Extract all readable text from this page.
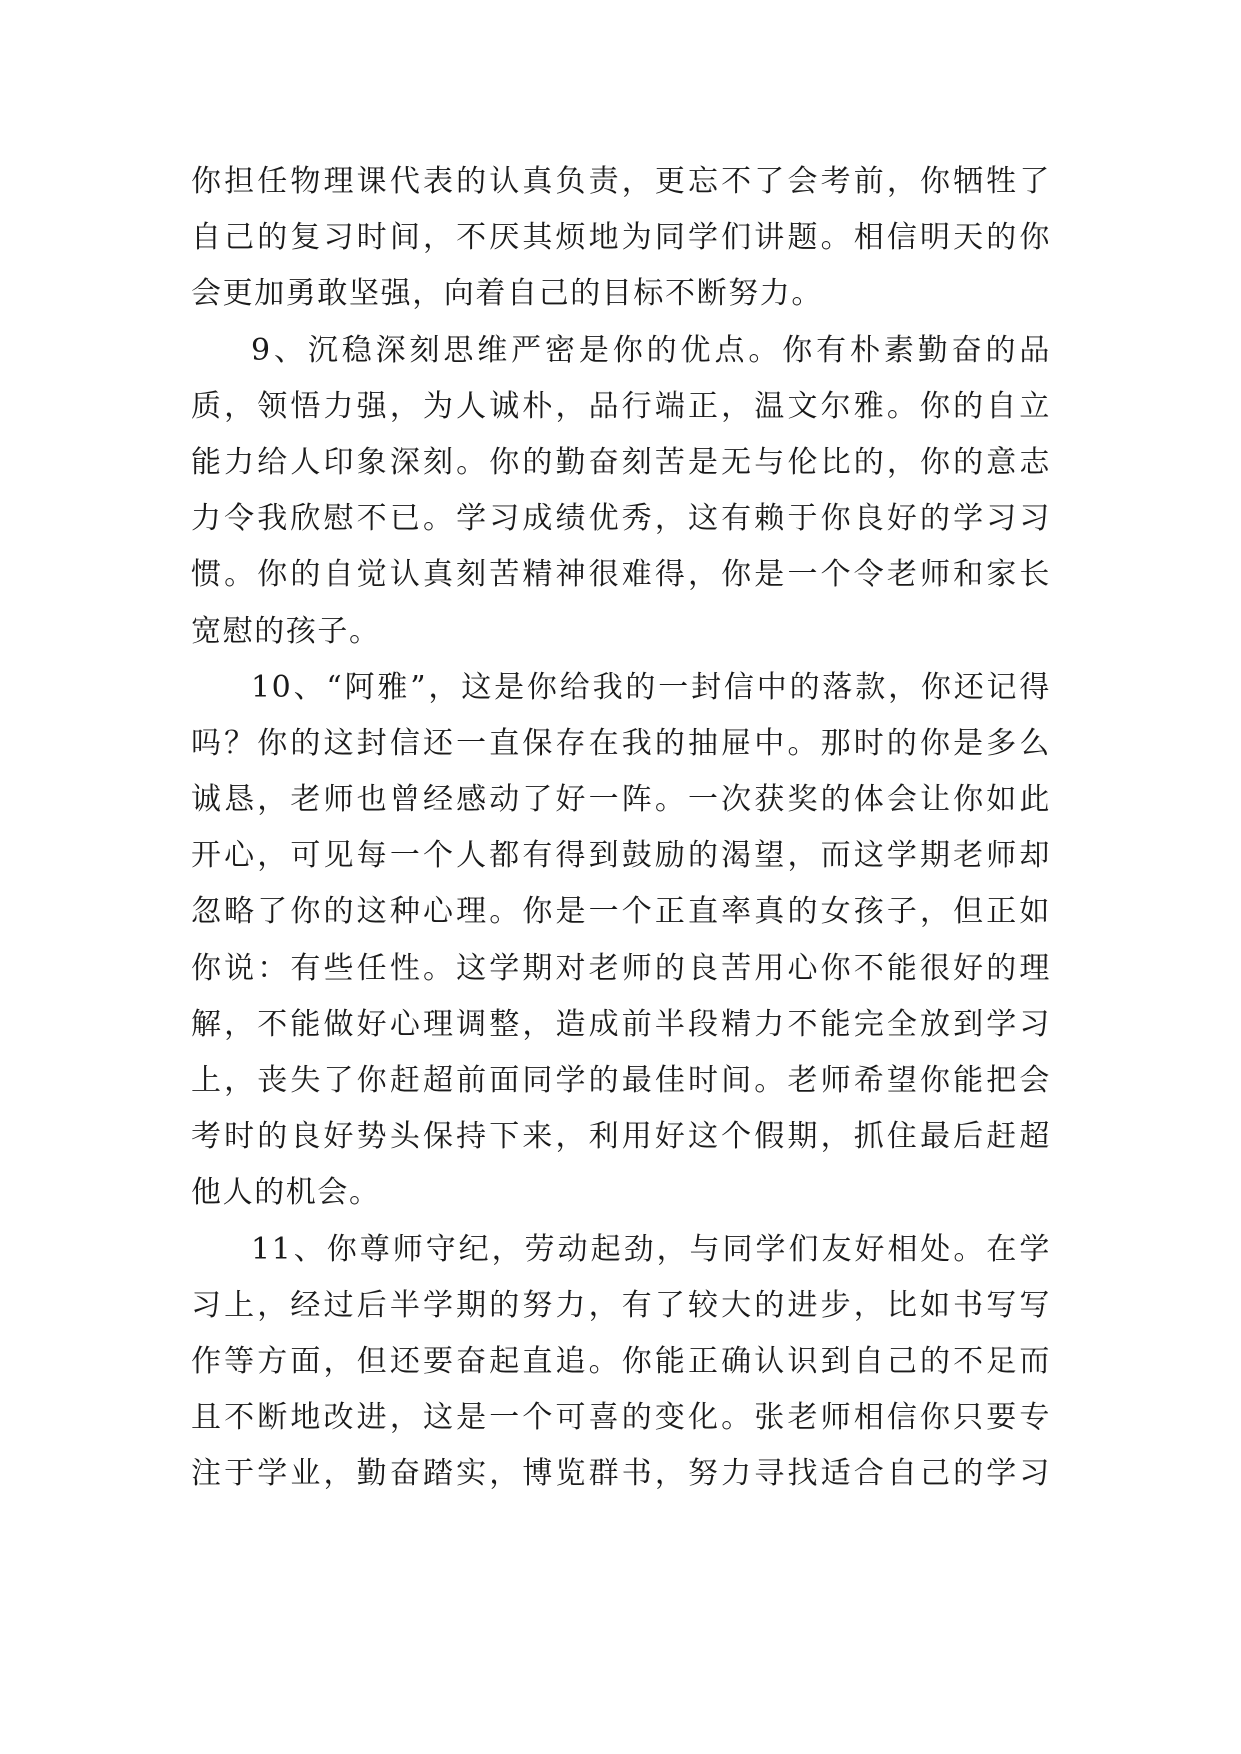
你担任物理课代表的认真负责，更忘不了会考前，你牺牲了
自己的复习时间，不厌其烦地为同学们讲题。相信明天的你
会更加勇敢坚强，向着自己的目标不断努力。
9、沉稳深刻思维严密是你的优点。你有朴素勤奋的品
质，领悟力强，为人诚朴，品行端正，温文尔雅。你的自立
能力给人印象深刻。你的勤奋刻苦是无与伦比的，你的意志
力令我欣慰不已。学习成绩优秀，这有赖于你良好的学习习
惯。你的自觉认真刻苦精神很难得，你是一个令老师和家长
宽慰的孩子。
10、“阿雅”，这是你给我的一封信中的落款，你还记得
吗？你的这封信还一直保存在我的抽屉中。那时的你是多么
诚恳，老师也曾经感动了好一阵。一次获奖的体会让你如此
开心，可见每一个人都有得到鼓励的渴望，而这学期老师却
忽略了你的这种心理。你是一个正直率真的女孩子，但正如
你说：有些任性。这学期对老师的良苦用心你不能很好的理
解，不能做好心理调整，造成前半段精力不能完全放到学习
上，丧失了你赶超前面同学的最佳时间。老师希望你能把会
考时的良好势头保持下来，利用好这个假期，抓住最后赶超
他人的机会。
11、你尊师守纪，劳动起劲，与同学们友好相处。在学
习上，经过后半学期的努力，有了较大的进步，比如书写写
作等方面，但还要奋起直追。你能正确认识到自己的不足而
且不断地改进，这是一个可喜的变化。张老师相信你只要专
注于学业，勤奋踏实，博览群书，努力寻找适合自己的学习
